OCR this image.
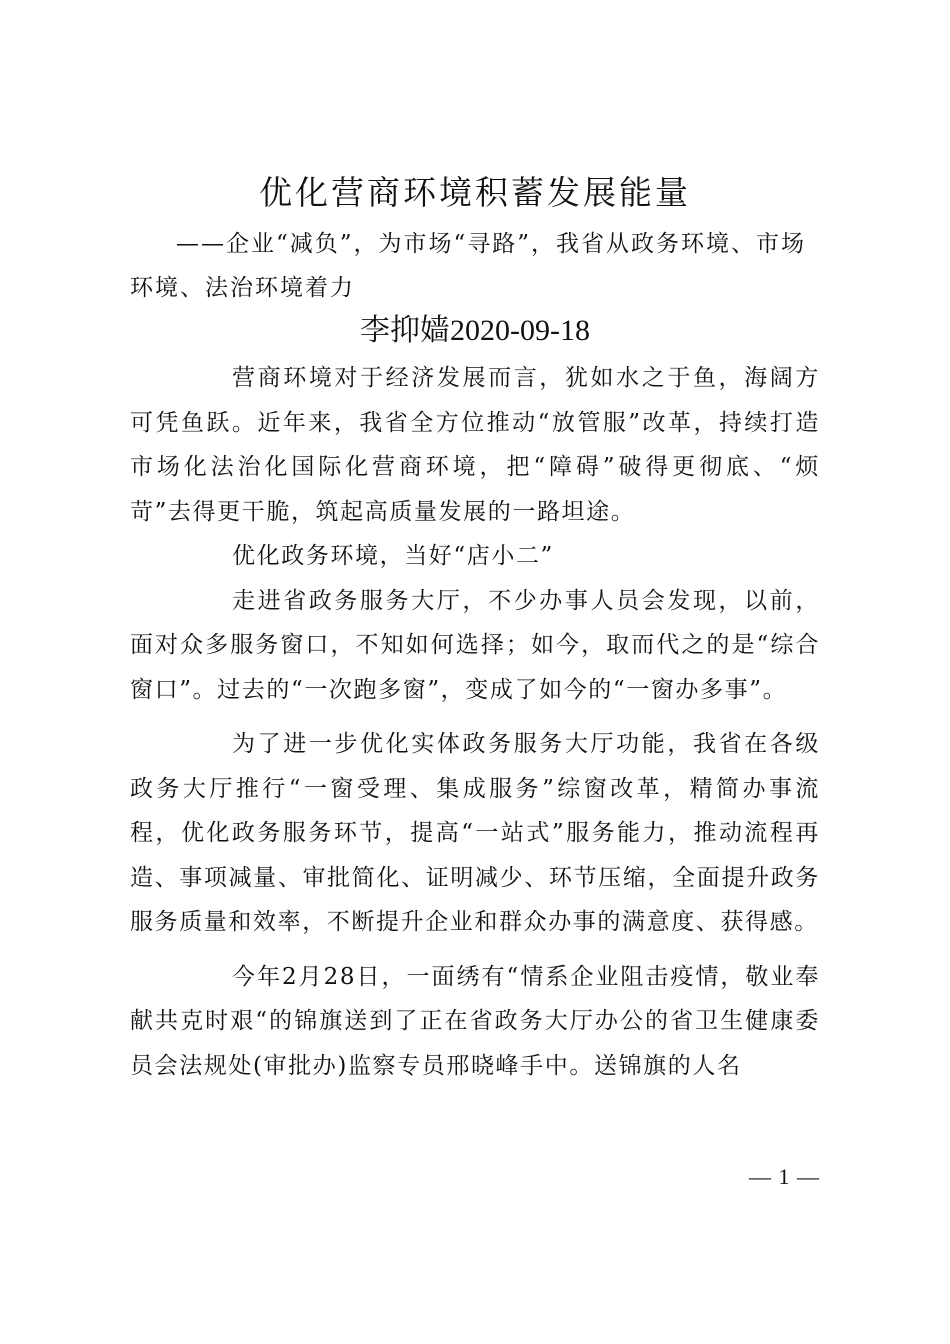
优化营商环境积蓄发展能量
——企业“减负”，为市场“寻路”，我省从政务环境、市场环境、法治环境着力
李抑嫱2020-09-18

营商环境对于经济发展而言，犹如水之于鱼，海阔方可凭鱼跃。近年来，我省全方位推动“放管服”改革，持续打造市场化法治化国际化营商环境，把“障碍”破得更彻底、“烦苛”去得更干脆，筑起高质量发展的一路坦途。

优化政务环境，当好“店小二”

走进省政务服务大厅，不少办事人员会发现，以前，面对众多服务窗口，不知如何选择；如今，取而代之的是“综合窗口”。过去的“一次跑多窗”，变成了如今的“一窗办多事”。

为了进一步优化实体政务服务大厅功能，我省在各级政务大厅推行“一窗受理、集成服务”综窗改革，精简办事流程，优化政务服务环节，提高“一站式”服务能力，推动流程再造、事项减量、审批简化、证明减少、环节压缩，全面提升政务服务质量和效率，不断提升企业和群众办事的满意度、获得感。

今年2月28日，一面绣有“情系企业阻击疫情，敬业奉献共克时艰“的锦旗送到了正在省政务大厅办公的省卫生健康委员会法规处(审批办)监察专员邢晓峰手中。送锦旗的人名

— 1 —
